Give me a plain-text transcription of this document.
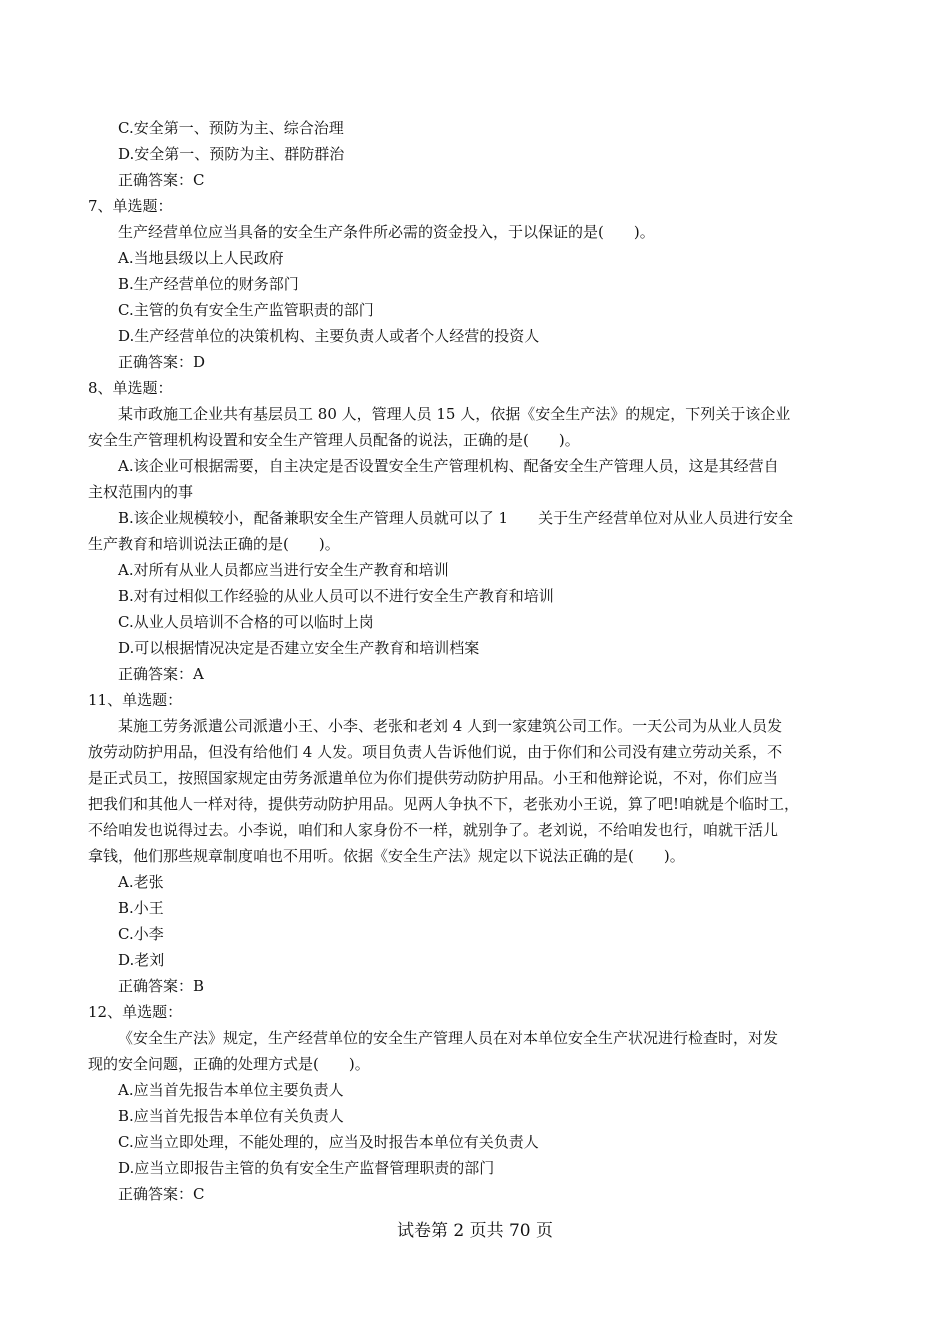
C.安全第一、预防为主、综合治理
D.安全第一、预防为主、群防群治
正确答案：C
7、单选题：
生产经营单位应当具备的安全生产条件所必需的资金投入，于以保证的是(　　)。
A.当地县级以上人民政府
B.生产经营单位的财务部门
C.主管的负有安全生产监管职责的部门
D.生产经营单位的决策机构、主要负责人或者个人经营的投资人
正确答案：D
8、单选题：
某市政施工企业共有基层员工 80 人，管理人员 15 人，依据《安全生产法》的规定，下列关于该企业
安全生产管理机构设置和安全生产管理人员配备的说法，正确的是(　　)。
A.该企业可根据需要，自主决定是否设置安全生产管理机构、配备安全生产管理人员，这是其经营自
主权范围内的事
B.该企业规模较小，配备兼职安全生产管理人员就可以了 1　　关于生产经营单位对从业人员进行安全
生产教育和培训说法正确的是(　　)。
A.对所有从业人员都应当进行安全生产教育和培训
B.对有过相似工作经验的从业人员可以不进行安全生产教育和培训
C.从业人员培训不合格的可以临时上岗
D.可以根据情况决定是否建立安全生产教育和培训档案
正确答案：A
11、单选题：
某施工劳务派遣公司派遣小王、小李、老张和老刘 4 人到一家建筑公司工作。一天公司为从业人员发
放劳动防护用品，但没有给他们 4 人发。项目负责人告诉他们说，由于你们和公司没有建立劳动关系，不
是正式员工，按照国家规定由劳务派遣单位为你们提供劳动防护用品。小王和他辩论说，不对，你们应当
把我们和其他人一样对待，提供劳动防护用品。见两人争执不下，老张劝小王说，算了吧!咱就是个临时工，
不给咱发也说得过去。小李说，咱们和人家身份不一样，就别争了。老刘说，不给咱发也行，咱就干活儿
拿钱，他们那些规章制度咱也不用听。依据《安全生产法》规定以下说法正确的是(　　)。
A.老张
B.小王
C.小李
D.老刘
正确答案：B
12、单选题：
《安全生产法》规定，生产经营单位的安全生产管理人员在对本单位安全生产状况进行检查时，对发
现的安全问题，正确的处理方式是(　　)。
A.应当首先报告本单位主要负责人
B.应当首先报告本单位有关负责人
C.应当立即处理，不能处理的，应当及时报告本单位有关负责人
D.应当立即报告主管的负有安全生产监督管理职责的部门
正确答案：C
试卷第 2 页共 70 页
